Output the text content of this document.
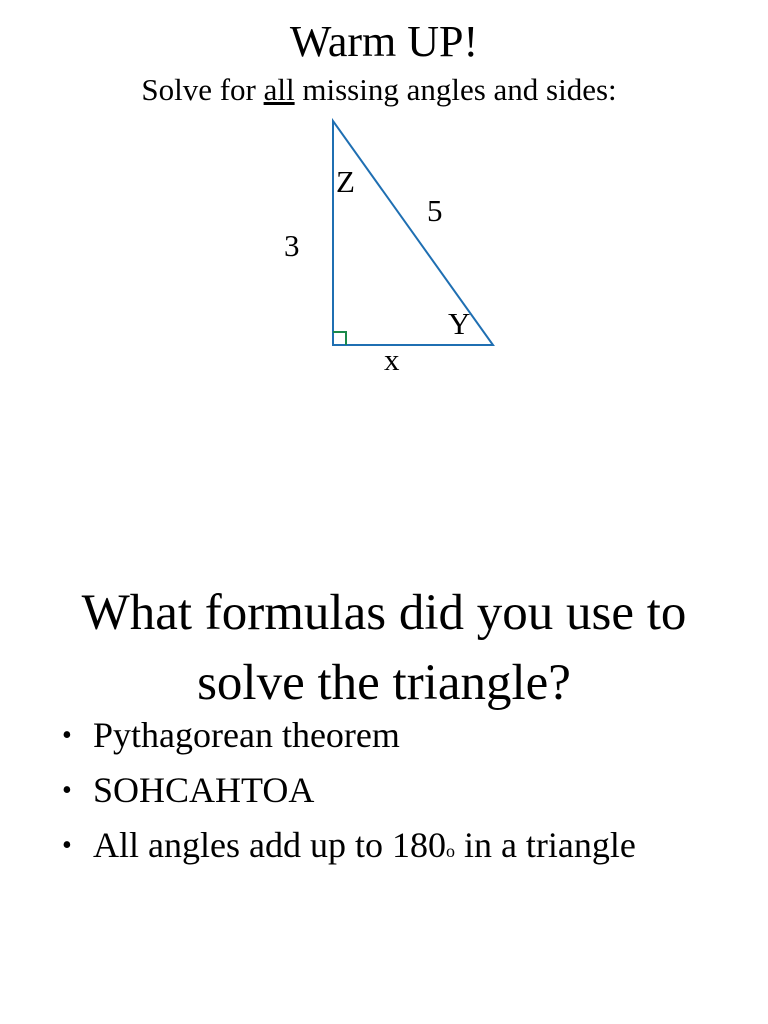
Warm UP!
Solve for all missing angles and sides:
3
5
x
Z
Y
What formulas did you use to
solve the triangle?
• Pythagorean theorem
• SOHCAHTOA
• All angles add up to 180o in a triangle
